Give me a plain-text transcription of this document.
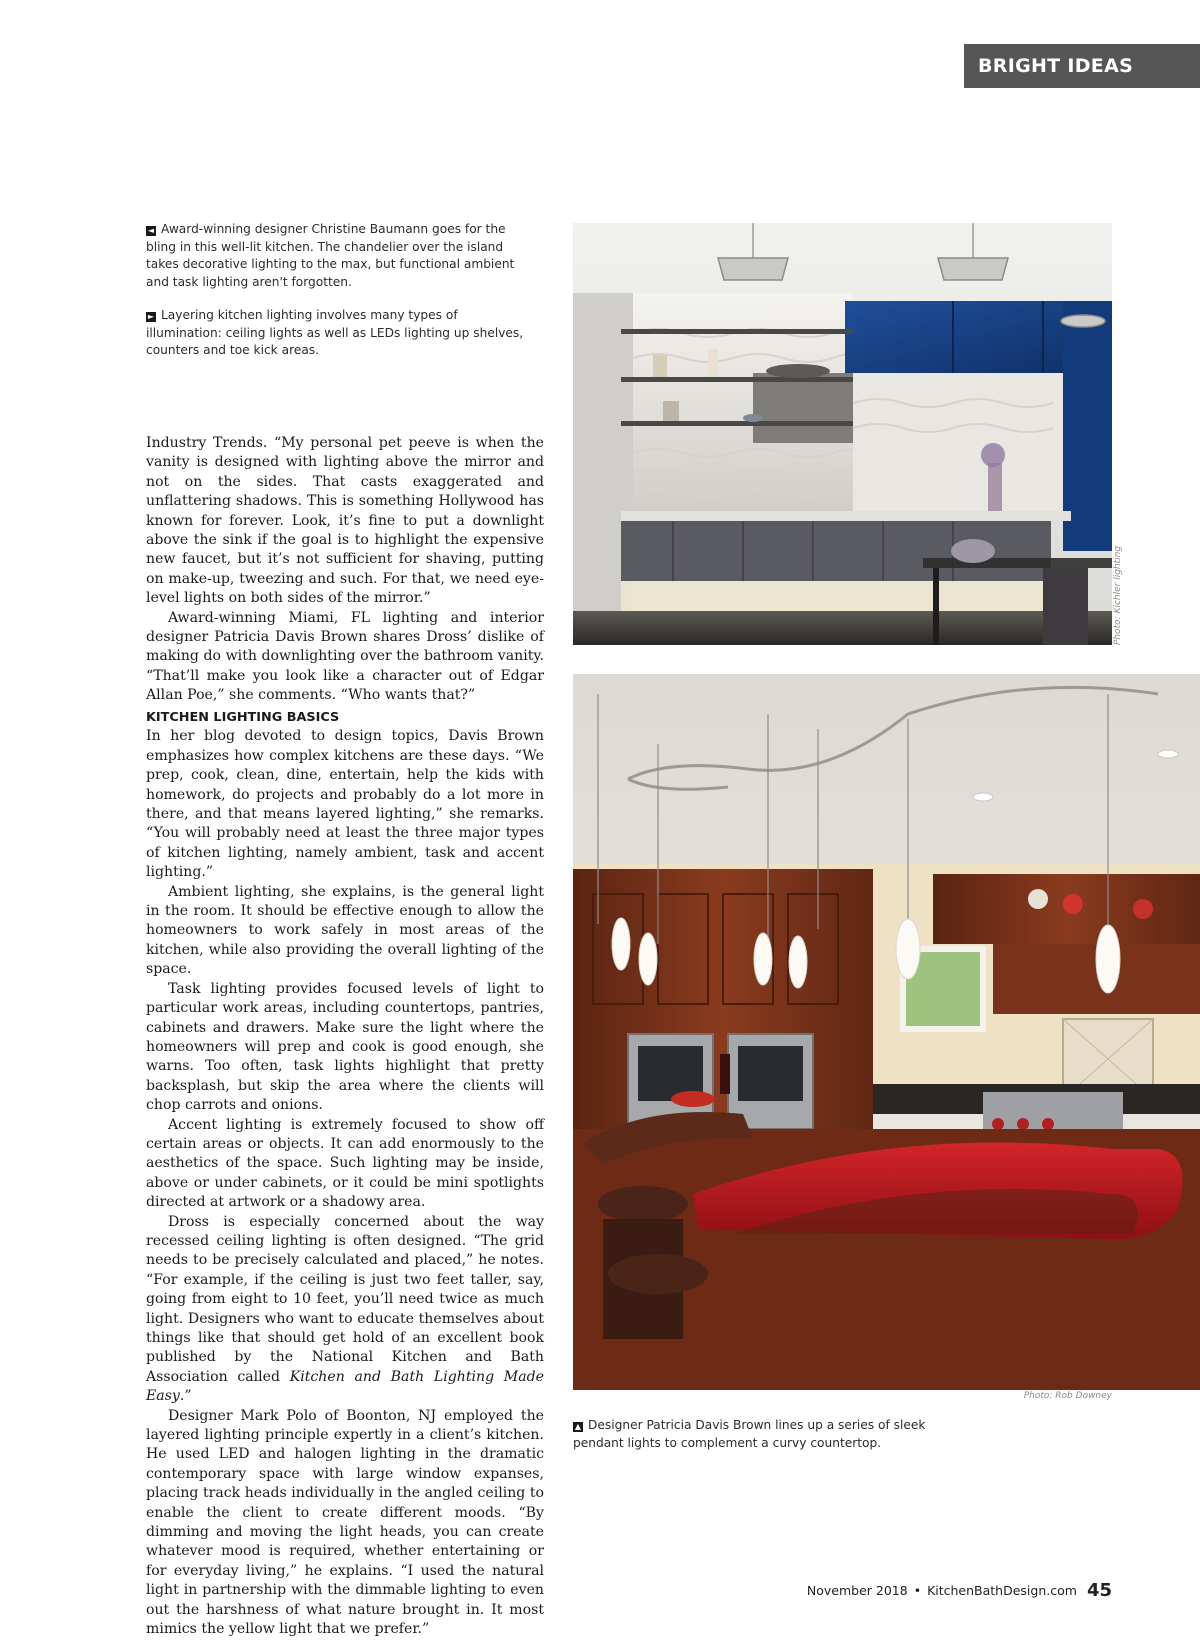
BRIGHT IDEAS
◄ Award-winning designer Christine Baumann goes for the bling in this well-lit kitchen. The chandelier over the island takes decorative lighting to the max, but functional ambient and task lighting aren't forgotten.
► Layering kitchen lighting involves many types of illumination: ceiling lights as well as LEDs lighting up shelves, counters and toe kick areas.

Industry Trends. “My personal pet peeve is when the vanity is designed with lighting above the mirror and not on the sides. That casts exaggerated and unflattering shadows. This is something Hollywood has known for forever. Look, it’s fine to put a downlight above the sink if the goal is to highlight the expensive new faucet, but it’s not sufficient for shaving, putting on make-up, tweezing and such. For that, we need eye-level lights on both sides of the mirror.”

Award-winning Miami, FL lighting and interior designer Patricia Davis Brown shares Dross’ dislike of making do with downlighting over the bathroom vanity. “That’ll make you look like a character out of Edgar Allan Poe,” she comments. “Who wants that?”

KITCHEN LIGHTING BASICS

In her blog devoted to design topics, Davis Brown emphasizes how complex kitchens are these days. “We prep, cook, clean, dine, entertain, help the kids with homework, do projects and probably do a lot more in there, and that means layered lighting,” she remarks. “You will probably need at least the three major types of kitchen lighting, namely ambient, task and accent lighting.”

Ambient lighting, she explains, is the general light in the room. It should be effective enough to allow the homeowners to work safely in most areas of the kitchen, while also providing the overall lighting of the space.

Task lighting provides focused levels of light to particular work areas, including countertops, pantries, cabinets and drawers. Make sure the light where the homeowners will prep and cook is good enough, she warns. Too often, task lights highlight that pretty backsplash, but skip the area where the clients will chop carrots and onions.

Accent lighting is extremely focused to show off certain areas or objects. It can add enormously to the aesthetics of the space. Such lighting may be inside, above or under cabinets, or it could be mini spotlights directed at artwork or a shadowy area.

Dross is especially concerned about the way recessed ceiling lighting is often designed. “The grid needs to be precisely calculated and placed,” he notes. “For example, if the ceiling is just two feet taller, say, going from eight to 10 feet, you’ll need twice as much light. Designers who want to educate themselves about things like that should get hold of an excellent book published by the National Kitchen and Bath Association called Kitchen and Bath Lighting Made Easy.”

Designer Mark Polo of Boonton, NJ employed the layered lighting principle expertly in a client’s kitchen. He used LED and halogen lighting in the dramatic contemporary space with large window expanses, placing track heads individually in the angled ceiling to enable the client to create different moods. “By dimming and moving the light heads, you can create whatever mood is required, whether entertaining or for everyday living,” he explains. “I used the natural light in partnership with the dimmable lighting to even out the harshness of what nature brought in. It most mimics the yellow light that we prefer.”

Photo: Kichler lighting
Photo: Rob Downey
▲ Designer Patricia Davis Brown lines up a series of sleek pendant lights to complement a curvy countertop.
November 2018 • KitchenBathDesign.com 45
